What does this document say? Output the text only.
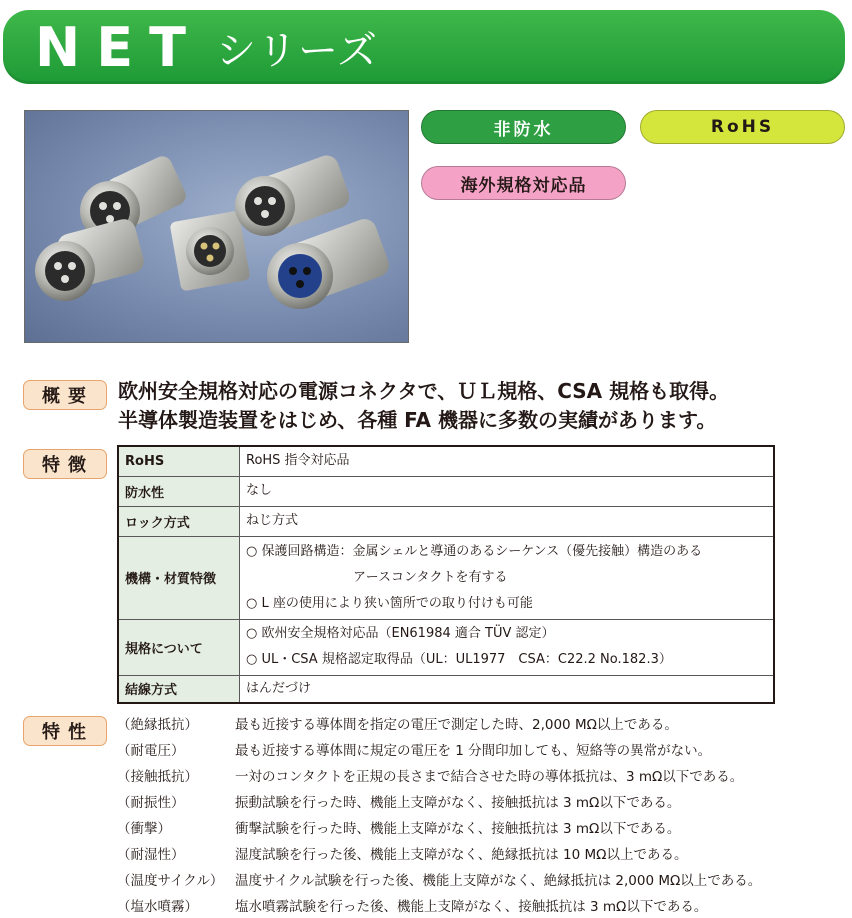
NET シリーズ
非防水	RoHS
海外規格対応品
概要	欧州安全規格対応の電源コネクタで、ＵＬ規格、CSA 規格も取得。
半導体製造装置をはじめ、各種 FA 機器に多数の実績があります。
特徴	RoHS	RoHS 指令対応品

防水性	なし

ロック方式	ねじ方式

機構・材質特徴	○ 保護回路構造：金属シェルと導通のあるシーケンス（優先接触）構造のある
アースコンタクトを有する
○ L 座の使用により狭い箇所での取り付けも可能

規格について	○ 欧州安全規格対応品（EN61984 適合 TÜV 認定）
○ UL・CSA 規格認定取得品（UL：UL1977　CSA：C22.2 No.182.3）

結線方式	はんだづけ
特性	（絶縁抵抗）	最も近接する導体間を指定の電圧で測定した時、2,000 MΩ以上である。
（耐電圧）	最も近接する導体間に規定の電圧を 1 分間印加しても、短絡等の異常がない。
（接触抵抗）	一対のコンタクトを正規の長さまで結合させた時の導体抵抗は、3 mΩ以下である。
（耐振性）	振動試験を行った時、機能上支障がなく、接触抵抗は 3 mΩ以下である。
（衝撃）	衝撃試験を行った時、機能上支障がなく、接触抵抗は 3 mΩ以下である。
（耐湿性）	湿度試験を行った後、機能上支障がなく、絶縁抵抗は 10 MΩ以上である。
（温度サイクル） 温度サイクル試験を行った後、機能上支障がなく、絶縁抵抗は 2,000 MΩ以上である。
（塩水噴霧）	塩水噴霧試験を行った後、機能上支障がなく、接触抵抗は 3 mΩ以下である。
